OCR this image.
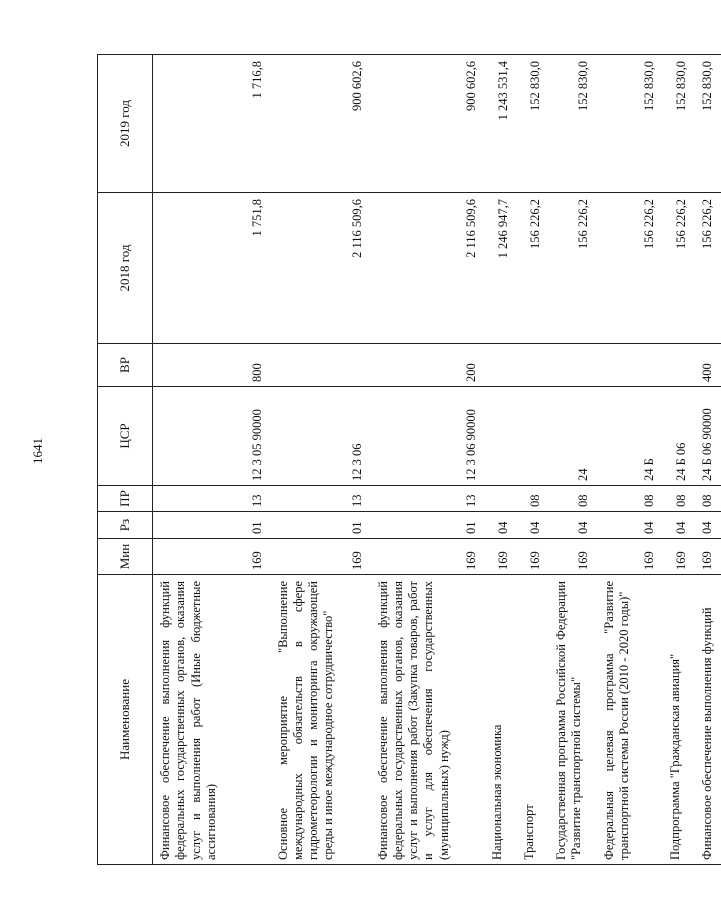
1641
Наименование	Мин	Рз	ПР	ЦСР	ВР	2018 год	2019 год
Финансовое обеспечение выполнения функций федеральных государственных органов, оказания услуг и выполнения работ (Иные бюджетные ассигнования)	169	01	13	12 3 05 90000	800	1 751,8	1 716,8
Основное мероприятие "Выполнение международных обязательств в сфере гидрометеорологии и мониторинга окружающей среды и иное международное сотрудничество"	169	01	13	12 3 06		2 116 509,6	900 602,6
Финансовое обеспечение выполнения функций федеральных государственных органов, оказания услуг и выполнения работ (Закупка товаров, работ и услуг для обеспечения государственных (муниципальных) нужд)	169	01	13	12 3 06 90000	200	2 116 509,6	900 602,6
Национальная экономика	169	04				1 246 947,7	1 243 531,4
Транспорт	169	04	08			156 226,2	152 830,0
Государственная программа Российской Федерации "Развитие транспортной системы"	169	04	08	24		156 226,2	152 830,0
Федеральная целевая программа "Развитие транспортной системы России (2010 - 2020 годы)"	169	04	08	24 Б		156 226,2	152 830,0
Подпрограмма "Гражданская авиация"	169	04	08	24 Б 06		156 226,2	152 830,0
Финансовое обеспечение выполнения функций	169	04	08	24 Б 06 90000	400	156 226,2	152 830,0
